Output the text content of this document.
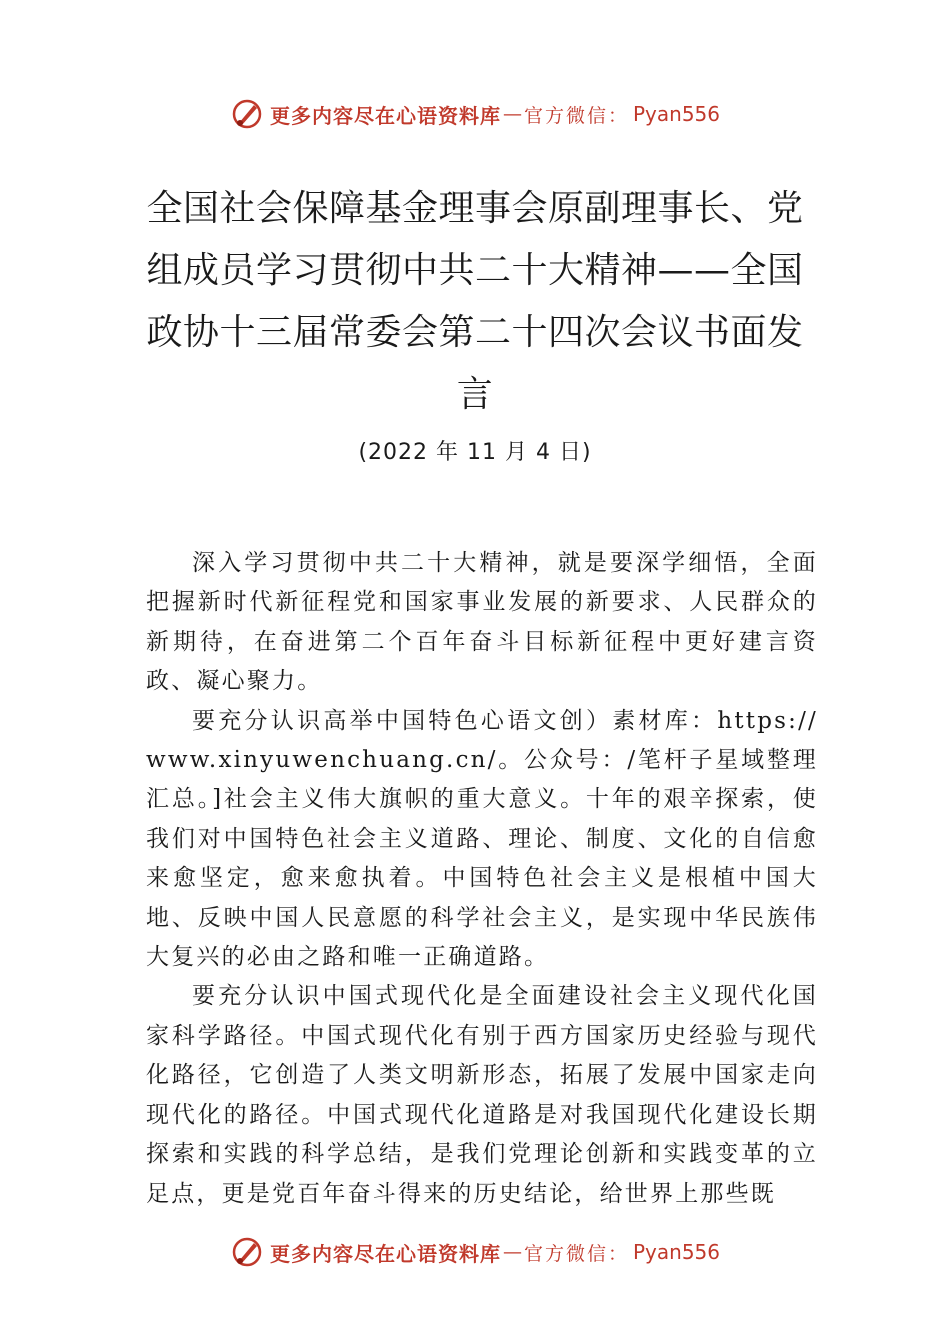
更多内容尽在心语资料库 — 官方微信： Pyan556
全国社会保障基金理事会原副理事长、党组成员学习贯彻中共二十大精神——全国政协十三届常委会第二十四次会议书面发言
(2022 年 11 月 4 日)

深入学习贯彻中共二十大精神，就是要深学细悟，全面把握新时代新征程党和国家事业发展的新要求、人民群众的新期待，在奋进第二个百年奋斗目标新征程中更好建言资政、凝心聚力。

要充分认识高举中国特色心语文创）素材库：https://www.xinyuwenchuang.cn/。公众号：/笔杆子星域整理汇总。]社会主义伟大旗帜的重大意义。十年的艰辛探索，使我们对中国特色社会主义道路、理论、制度、文化的自信愈来愈坚定，愈来愈执着。中国特色社会主义是根植中国大地、反映中国人民意愿的科学社会主义，是实现中华民族伟大复兴的必由之路和唯一正确道路。

要充分认识中国式现代化是全面建设社会主义现代化国家科学路径。中国式现代化有别于西方国家历史经验与现代化路径，它创造了人类文明新形态，拓展了发展中国家走向现代化的路径。中国式现代化道路是对我国现代化建设长期探索和实践的科学总结，是我们党理论创新和实践变革的立足点，更是党百年奋斗得来的历史结论，给世界上那些既

更多内容尽在心语资料库 — 官方微信： Pyan556
